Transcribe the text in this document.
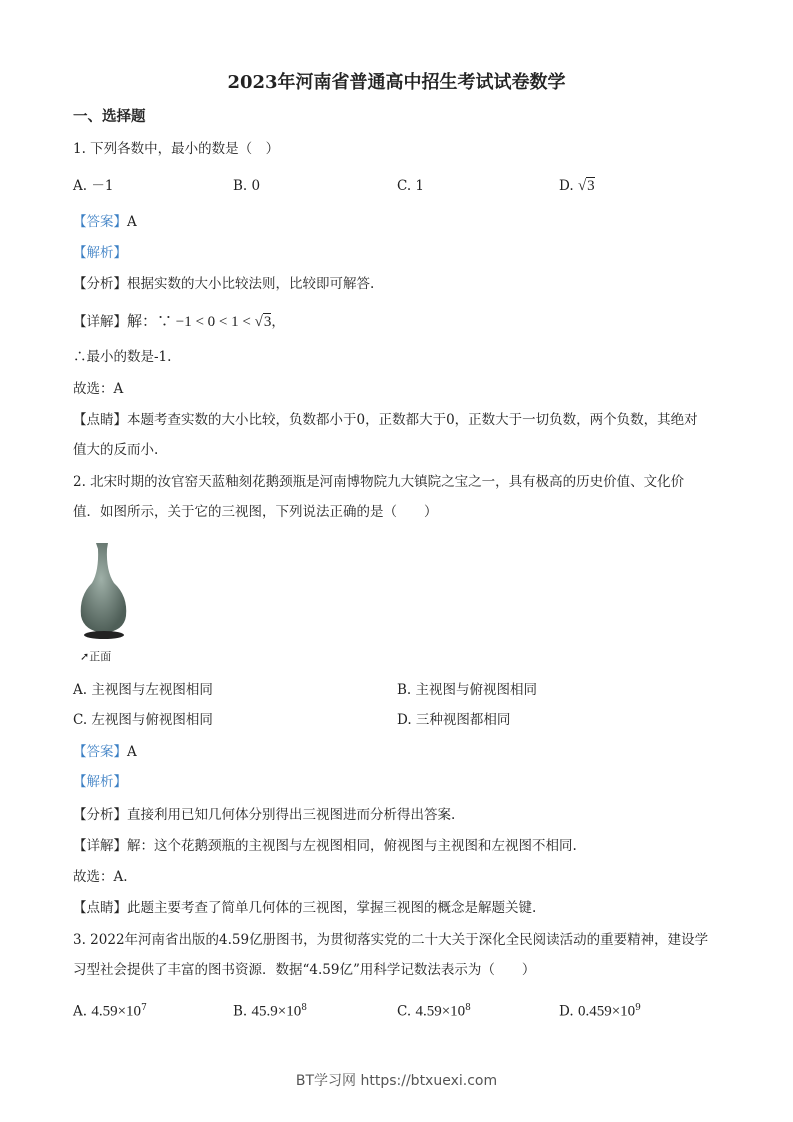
2023年河南省普通高中招生考试试卷数学
一、选择题
1. 下列各数中，最小的数是（　）
A. －1	B. 0	C. 1	D. √3
【答案】A
【解析】
【分析】根据实数的大小比较法则，比较即可解答.
【详解】解：∵ −1 < 0 < 1 < √3，
∴最小的数是-1.
故选：A
【点睛】本题考查实数的大小比较，负数都小于0，正数都大于0，正数大于一切负数，两个负数，其绝对
值大的反而小.
2. 北宋时期的汝官窑天蓝釉刻花鹅颈瓶是河南博物院九大镇院之宝之一，具有极高的历史价值、文化价
值．如图所示，关于它的三视图，下列说法正确的是（　　）
➚正面
A. 主视图与左视图相同	B. 主视图与俯视图相同
C. 左视图与俯视图相同	D. 三种视图都相同
【答案】A
【解析】
【分析】直接利用已知几何体分别得出三视图进而分析得出答案.
【详解】解：这个花鹅颈瓶的主视图与左视图相同，俯视图与主视图和左视图不相同.
故选：A.
【点睛】此题主要考查了简单几何体的三视图，掌握三视图的概念是解题关键.
3. 2022年河南省出版的4.59亿册图书，为贯彻落实党的二十大关于深化全民阅读活动的重要精神，建设学
习型社会提供了丰富的图书资源．数据“4.59亿”用科学记数法表示为（　　）
A. $4.59\times 10^7$	B. $45.9\times 10^8$	C. $4.59\times 10^8$	D. $0.459\times 10^9$
BT学习网 https://btxuexi.com
